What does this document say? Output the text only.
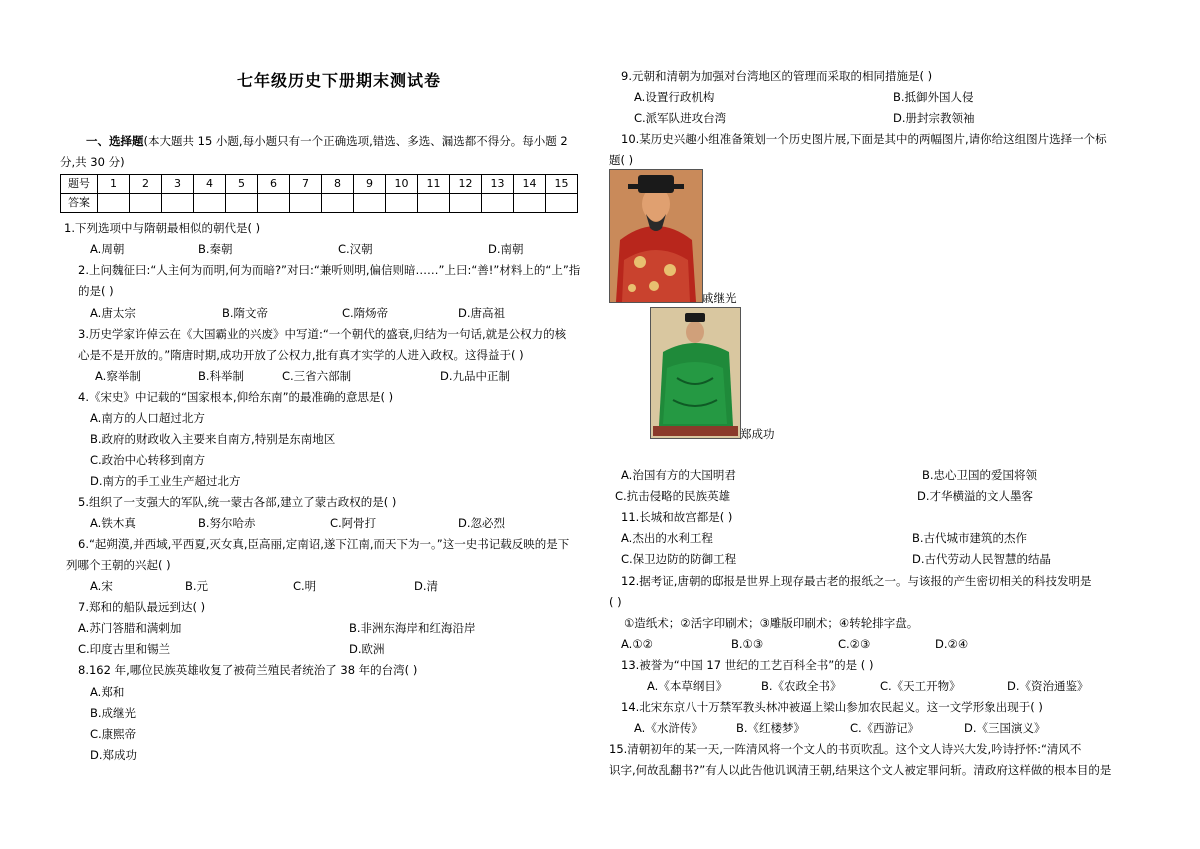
七年级历史下册期末测试卷
一、选择题(本大题共 15 小题,每小题只有一个正确选项,错选、多选、漏选都不得分。每小题 2
分,共 30 分)
题号	1	2	3	4	5	6	7	8	9	10	11	12	13	14	15
答案															
1.下列选项中与隋朝最相似的朝代是( )
A.周朝	B.秦朝	C.汉朝	D.南朝
2.上问魏征曰:“人主何为而明,何为而暗?”对曰:“兼听则明,偏信则暗……”上曰:“善!”材料上的“上”指
的是( )
A.唐太宗	B.隋文帝	C.隋炀帝	D.唐高祖
3.历史学家许倬云在《大国霸业的兴废》中写道:“一个朝代的盛衰,归结为一句话,就是公权力的核
心是不是开放的。”隋唐时期,成功开放了公权力,批有真才实学的人进入政权。这得益于( )
A.察举制	B.科举制	C.三省六部制	D.九品中正制
4.《宋史》中记载的“国家根本,仰给东南”的最准确的意思是( )
A.南方的人口超过北方
B.政府的财政收入主要来自南方,特别是东南地区
C.政治中心转移到南方
D.南方的手工业生产超过北方
5.组织了一支强大的军队,统一蒙古各部,建立了蒙古政权的是( )
A.铁木真	B.努尔哈赤	C.阿骨打	D.忽必烈
6.“起朔漠,并西域,平西夏,灭女真,臣高丽,定南诏,遂下江南,而天下为一。”这一史书记载反映的是下
列哪个王朝的兴起( )
A.宋	B.元	C.明	D.清
7.郑和的船队最远到达( )
A.苏门答腊和满剌加	B.非洲东海岸和红海沿岸
C.印度古里和锡兰	D.欧洲
8.162 年,哪位民族英雄收复了被荷兰殖民者统治了 38 年的台湾( )
A.郑和
B.成继光
C.康熙帝
D.郑成功
9.元朝和清朝为加强对台湾地区的管理而采取的相同措施是( )
A.设置行政机构	B.抵御外国人侵
C.派军队进攻台湾	D.册封宗教领袖
10.某历史兴趣小组准备策划一个历史图片展,下面是其中的两幅图片,请你给这组图片选择一个标
题( )
戚继光
郑成功
A.治国有方的大国明君	B.忠心卫国的爱国将领
C.抗击侵略的民族英雄	D.才华横溢的文人墨客
11.长城和故宫都是( )
A.杰出的水利工程	B.古代城市建筑的杰作
C.保卫边防的防御工程	D.古代劳动人民智慧的结晶
12.据考证,唐朝的邸报是世界上现存最古老的报纸之一。与该报的产生密切相关的科技发明是
( )
①造纸术；②活字印刷术；③雕版印刷术；④转轮排字盘。
A.①②	B.①③	C.②③	D.②④
13.被誉为“中国 17 世纪的工艺百科全书”的是 ( )
A.《本草纲目》	B.《农政全书》	C.《天工开物》	D.《资治通鉴》
14.北宋东京八十万禁军教头林冲被逼上梁山参加农民起义。这一文学形象出现于( )
A.《水浒传》	B.《红楼梦》	C.《西游记》	D.《三国演义》
15.清朝初年的某一天,一阵清风将一个文人的书页吹乱。这个文人诗兴大发,吟诗抒怀:“清风不
识字,何故乱翻书?”有人以此告他讥讽清王朝,结果这个文人被定罪问斩。清政府这样做的根本目的是
